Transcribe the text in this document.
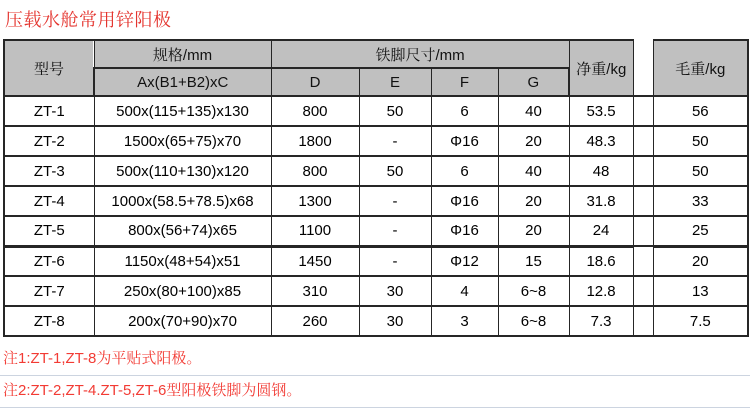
压载水舱常用锌阳极
型号	规格/mm	铁脚尺寸/mm				净重/kg		毛重/kg
	Ax(B1+B2)xC	D	E	F	G			
ZT-1	500x(115+135)x130	800	50	6	40	53.5		56
ZT-2	1500x(65+75)x70	1800	-	Φ16	20	48.3		50
ZT-3	500x(110+130)x120	800	50	6	40	48		50
ZT-4	1000x(58.5+78.5)x68	1300	-	Φ16	20	31.8		33
ZT-5	800x(56+74)x65	1100	-	Φ16	20	24		25
ZT-6	1150x(48+54)x51	1450	-	Φ12	15	18.6		20
ZT-7	250x(80+100)x85	310	30	4	6~8	12.8		13
ZT-8	200x(70+90)x70	260	30	3	6~8	7.3		7.5
注1:ZT-1,ZT-8为平贴式阳极。
注2:ZT-2,ZT-4.ZT-5,ZT-6型阳极铁脚为圆钢。
